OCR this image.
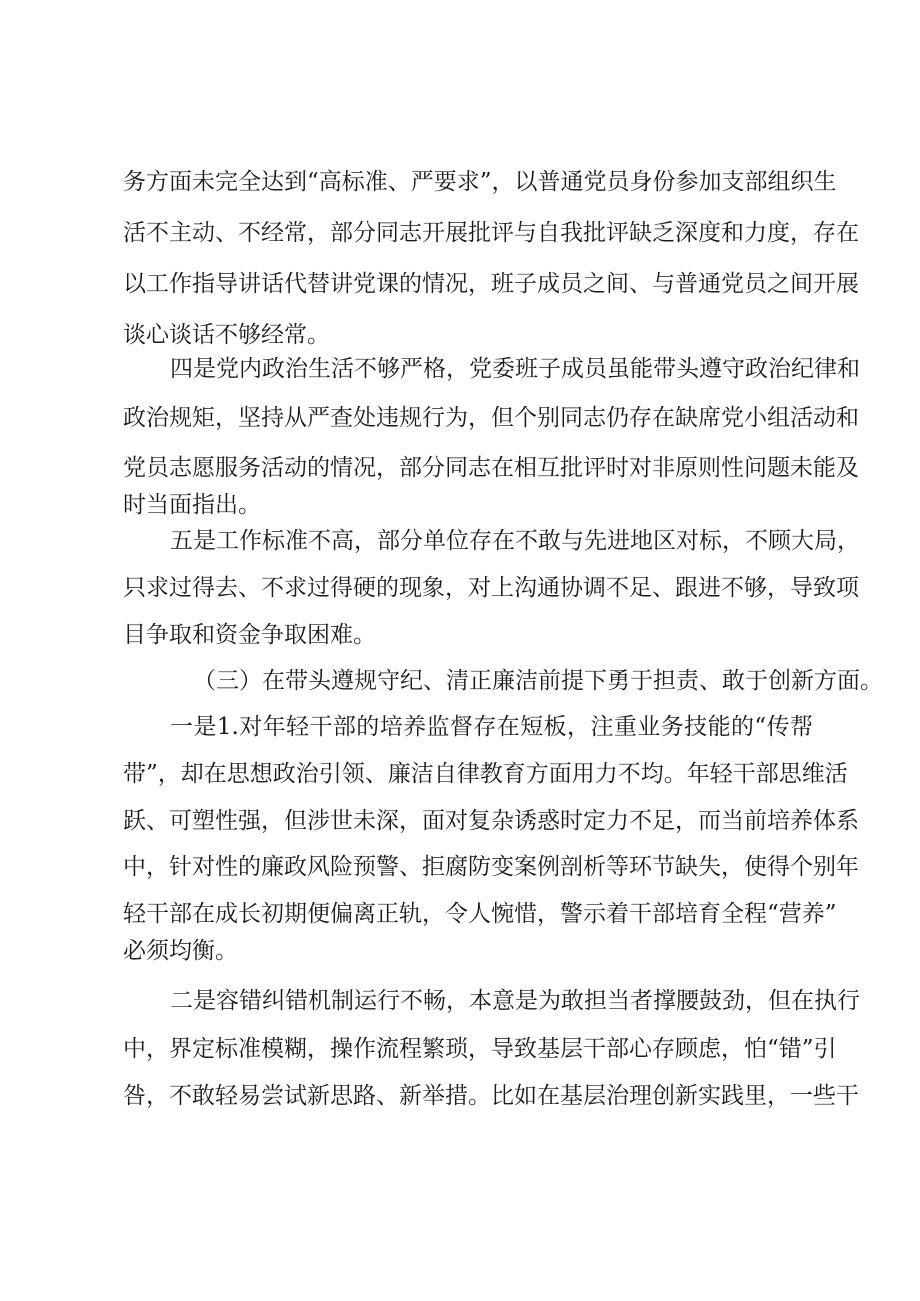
务方面未完全达到“高标准、严要求”，以普通党员身份参加支部组织生
活不主动、不经常，部分同志开展批评与自我批评缺乏深度和力度，存在
以工作指导讲话代替讲党课的情况，班子成员之间、与普通党员之间开展
谈心谈话不够经常。
四是党内政治生活不够严格，党委班子成员虽能带头遵守政治纪律和
政治规矩，坚持从严查处违规行为，但个别同志仍存在缺席党小组活动和
党员志愿服务活动的情况，部分同志在相互批评时对非原则性问题未能及
时当面指出。
五是工作标准不高，部分单位存在不敢与先进地区对标，不顾大局，
只求过得去、不求过得硬的现象，对上沟通协调不足、跟进不够，导致项
目争取和资金争取困难。
（三）在带头遵规守纪、清正廉洁前提下勇于担责、敢于创新方面。
一是1.对年轻干部的培养监督存在短板，注重业务技能的“传帮
带”，却在思想政治引领、廉洁自律教育方面用力不均。年轻干部思维活
跃、可塑性强，但涉世未深，面对复杂诱惑时定力不足，而当前培养体系
中，针对性的廉政风险预警、拒腐防变案例剖析等环节缺失，使得个别年
轻干部在成长初期便偏离正轨，令人惋惜，警示着干部培育全程“营养”
必须均衡。
二是容错纠错机制运行不畅，本意是为敢担当者撑腰鼓劲，但在执行
中，界定标准模糊，操作流程繁琐，导致基层干部心存顾虑，怕“错”引
咎，不敢轻易尝试新思路、新举措。比如在基层治理创新实践里，一些干
